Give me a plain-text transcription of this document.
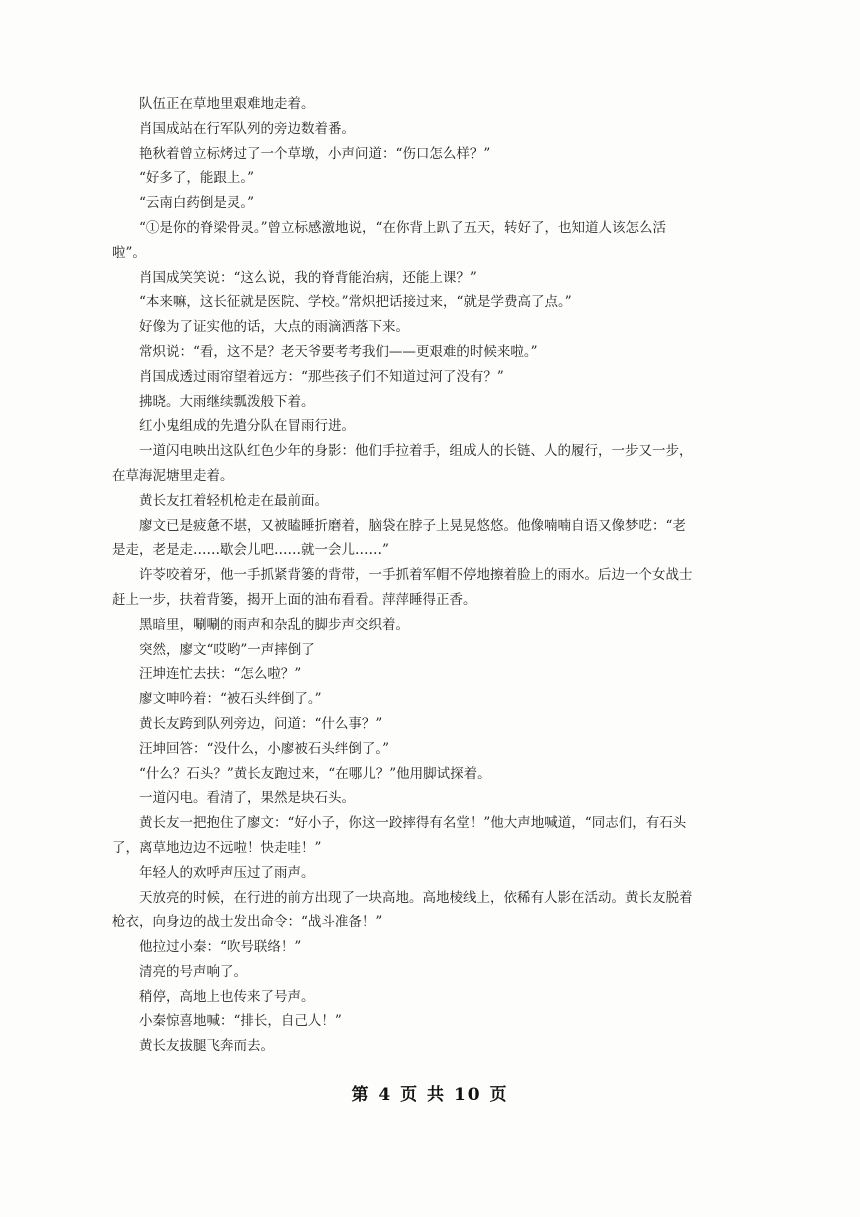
队伍正在草地里艰难地走着。

肖国成站在行军队列的旁边数着番。

艳秋着曾立标烤过了一个草墩，小声问道：“伤口怎么样？”

“好多了，能跟上。”

“云南白药倒是灵。”

“①是你的脊梁骨灵。”曾立标感激地说，“在你背上趴了五天，转好了，也知道人该怎么活啦”。

肖国成笑笑说：“这么说，我的脊背能治病，还能上课？”

“本来嘛，这长征就是医院、学校。”常炽把话接过来，“就是学费高了点。”

好像为了证实他的话，大点的雨滴洒落下来。

常炽说：“看，这不是？老天爷要考考我们——更艰难的时候来啦。”

肖国成透过雨帘望着远方：“那些孩子们不知道过河了没有？”

拂晓。大雨继续瓢泼般下着。

红小鬼组成的先遣分队在冒雨行进。

一道闪电映出这队红色少年的身影：他们手拉着手，组成人的长链、人的履行，一步又一步，在草海泥塘里走着。

黄长友扛着轻机枪走在最前面。

廖文已是疲惫不堪，又被瞌睡折磨着，脑袋在脖子上晃晃悠悠。他像喃喃自语又像梦呓：“老是走，老是走……歇会儿吧……就一会儿……”

许苓咬着牙，他一手抓紧背篓的背带，一手抓着军帽不停地擦着脸上的雨水。后边一个女战士赶上一步，扶着背篓，揭开上面的油布看看。萍萍睡得正香。

黑暗里，唰唰的雨声和杂乱的脚步声交织着。

突然，廖文“哎哟”一声摔倒了

汪坤连忙去扶：“怎么啦？”

廖文呻吟着：“被石头绊倒了。”

黄长友跨到队列旁边，问道：“什么事？”

汪坤回答：“没什么，小廖被石头绊倒了。”

“什么？石头？”黄长友跑过来，“在哪儿？”他用脚试探着。

一道闪电。看清了，果然是块石头。

黄长友一把抱住了廖文：“好小子，你这一跤摔得有名堂！”他大声地喊道，“同志们，有石头了，离草地边边不远啦！快走哇！”

年轻人的欢呼声压过了雨声。

天放亮的时候，在行进的前方出现了一块高地。高地棱线上，依稀有人影在活动。黄长友脱着枪衣，向身边的战士发出命令：“战斗准备！”

他拉过小秦：“吹号联络！”

清亮的号声响了。

稍停，高地上也传来了号声。

小秦惊喜地喊：“排长，自己人！”

黄长友拔腿飞奔而去。

第 4 页 共 10 页
